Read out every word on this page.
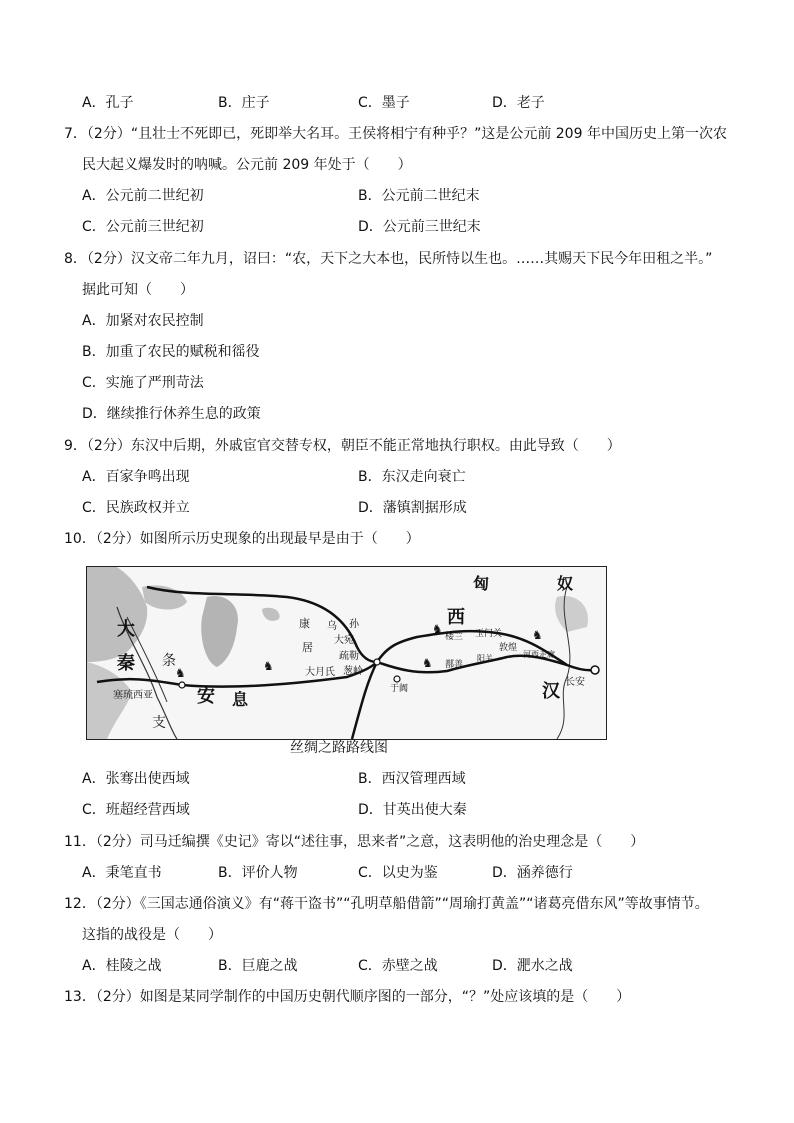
A．孔子	B．庄子	C．墨子	D．老子
7．（2分）“且壮士不死即已，死即举大名耳。王侯将相宁有种乎？”这是公元前 209 年中国历史上第一次农
民大起义爆发时的呐喊。公元前 209 年处于（　　）
A．公元前二世纪初	B．公元前二世纪末
C．公元前三世纪初	D．公元前三世纪末
8．（2分）汉文帝二年九月，诏曰：“农，天下之大本也，民所恃以生也。……其赐天下民今年田租之半。”
据此可知（　　）
A．加紧对农民控制
B．加重了农民的赋税和徭役
C．实施了严刑苛法
D．继续推行休养生息的政策
9．（2分）东汉中后期，外戚宦官交替专权，朝臣不能正常地执行职权。由此导致（　　）
A．百家争鸣出现	B．东汉走向衰亡
C．民族政权并立	D．藩镇割据形成
10．（2分）如图所示历史现象的出现最早是由于（　　）
♞	♞
♞
♞
♞
匈	奴
西
汉
大
秦 条
支
安 息
康
居
乌 孙
大宛
疏勒
葱岭
大月氏
楼兰 玉门关
敦煌
河西走廊
长安
鄯善
阳关
于阗
塞琉西亚
丝绸之路路线图
A．张骞出使西域	B．西汉管理西域
C．班超经营西域	D．甘英出使大秦
11．（2分）司马迁编撰《史记》寄以“述往事，思来者”之意，这表明他的治史理念是（　　）
A．秉笔直书	B．评价人物	C．以史为鉴	D．涵养德行
12．（2分）《三国志通俗演义》有“蒋干盗书”“孔明草船借箭”“周瑜打黄盖”“诸葛亮借东风”等故事情节。
这指的战役是（　　）
A．桂陵之战	B．巨鹿之战	C．赤壁之战	D．淝水之战
13．（2分）如图是某同学制作的中国历史朝代顺序图的一部分，“？”处应该填的是（　　）
